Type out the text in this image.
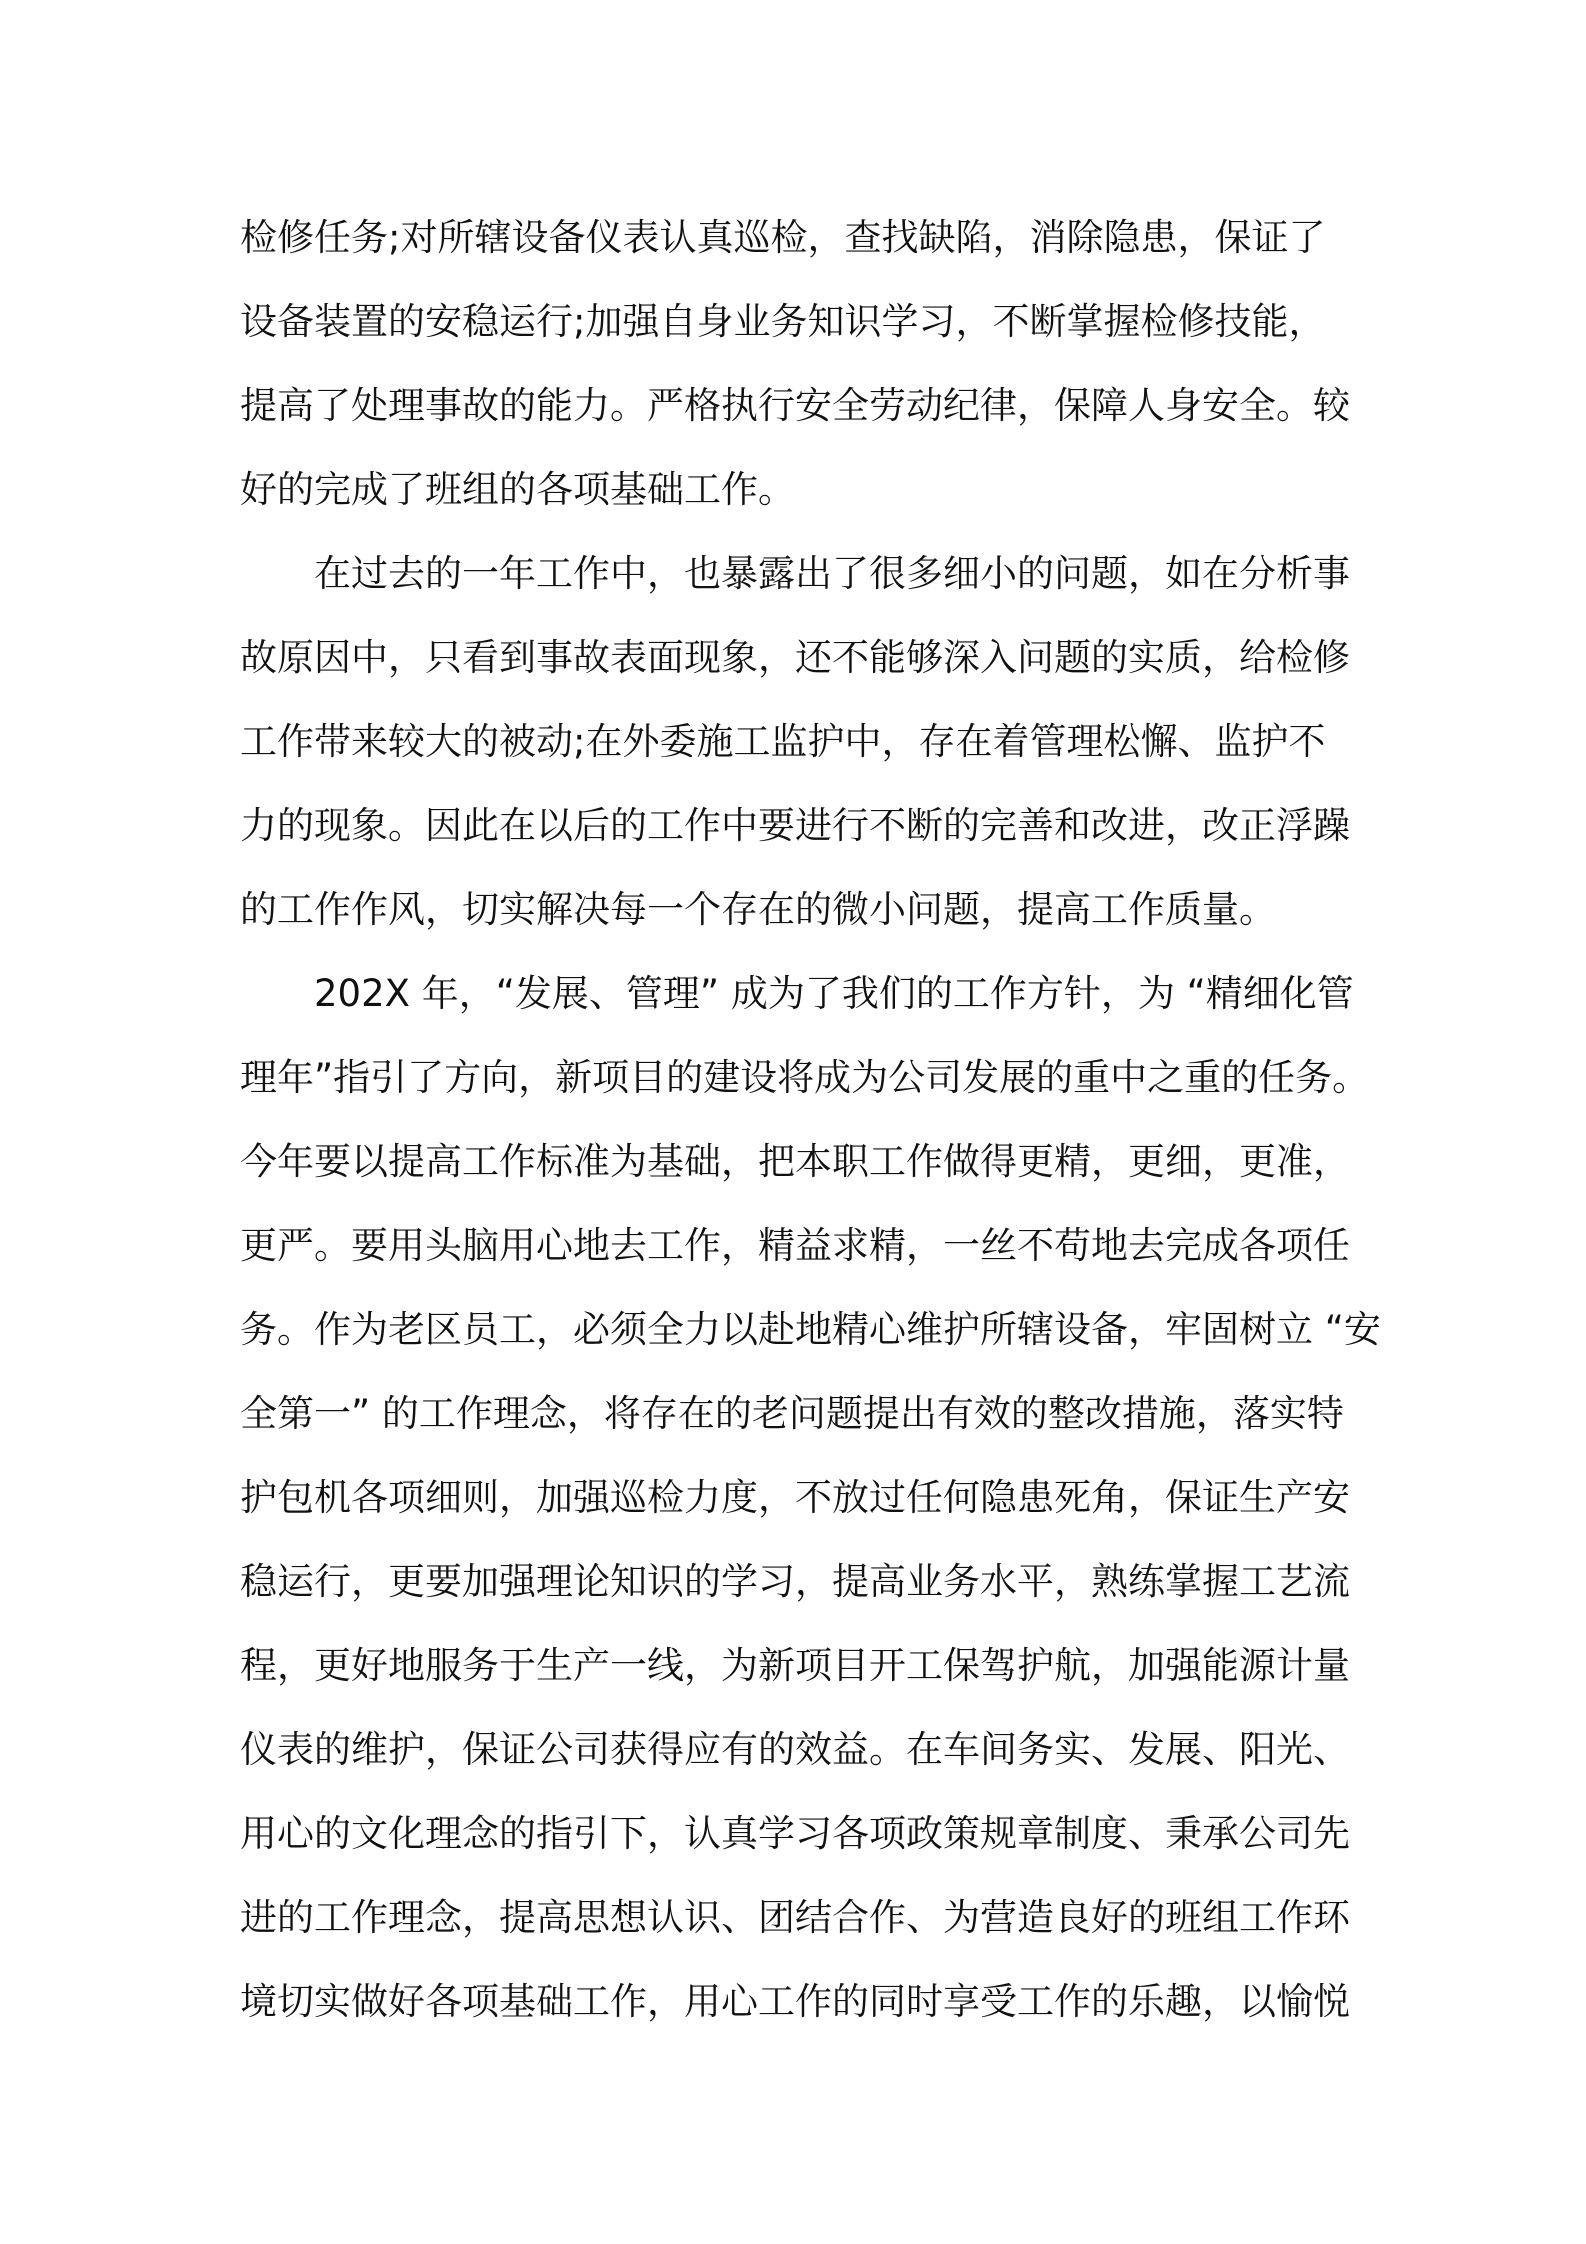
检修任务;对所辖设备仪表认真巡检，查找缺陷，消除隐患，保证了
设备装置的安稳运行;加强自身业务知识学习，不断掌握检修技能，
提高了处理事故的能力。严格执行安全劳动纪律，保障人身安全。较
好的完成了班组的各项基础工作。
　　在过去的一年工作中，也暴露出了很多细小的问题，如在分析事
故原因中，只看到事故表面现象，还不能够深入问题的实质，给检修
工作带来较大的被动;在外委施工监护中，存在着管理松懈、监护不
力的现象。因此在以后的工作中要进行不断的完善和改进，改正浮躁
的工作作风，切实解决每一个存在的微小问题，提高工作质量。
　　202X 年，“发展、管理” 成为了我们的工作方针，为 “精细化管
理年”指引了方向，新项目的建设将成为公司发展的重中之重的任务。
今年要以提高工作标准为基础，把本职工作做得更精，更细，更准，
更严。要用头脑用心地去工作，精益求精，一丝不苟地去完成各项任
务。作为老区员工，必须全力以赴地精心维护所辖设备，牢固树立 “安
全第一” 的工作理念，将存在的老问题提出有效的整改措施，落实特
护包机各项细则，加强巡检力度，不放过任何隐患死角，保证生产安
稳运行，更要加强理论知识的学习，提高业务水平，熟练掌握工艺流
程，更好地服务于生产一线，为新项目开工保驾护航，加强能源计量
仪表的维护，保证公司获得应有的效益。在车间务实、发展、阳光、
用心的文化理念的指引下，认真学习各项政策规章制度、秉承公司先
进的工作理念，提高思想认识、团结合作、为营造良好的班组工作环
境切实做好各项基础工作，用心工作的同时享受工作的乐趣，以愉悦
